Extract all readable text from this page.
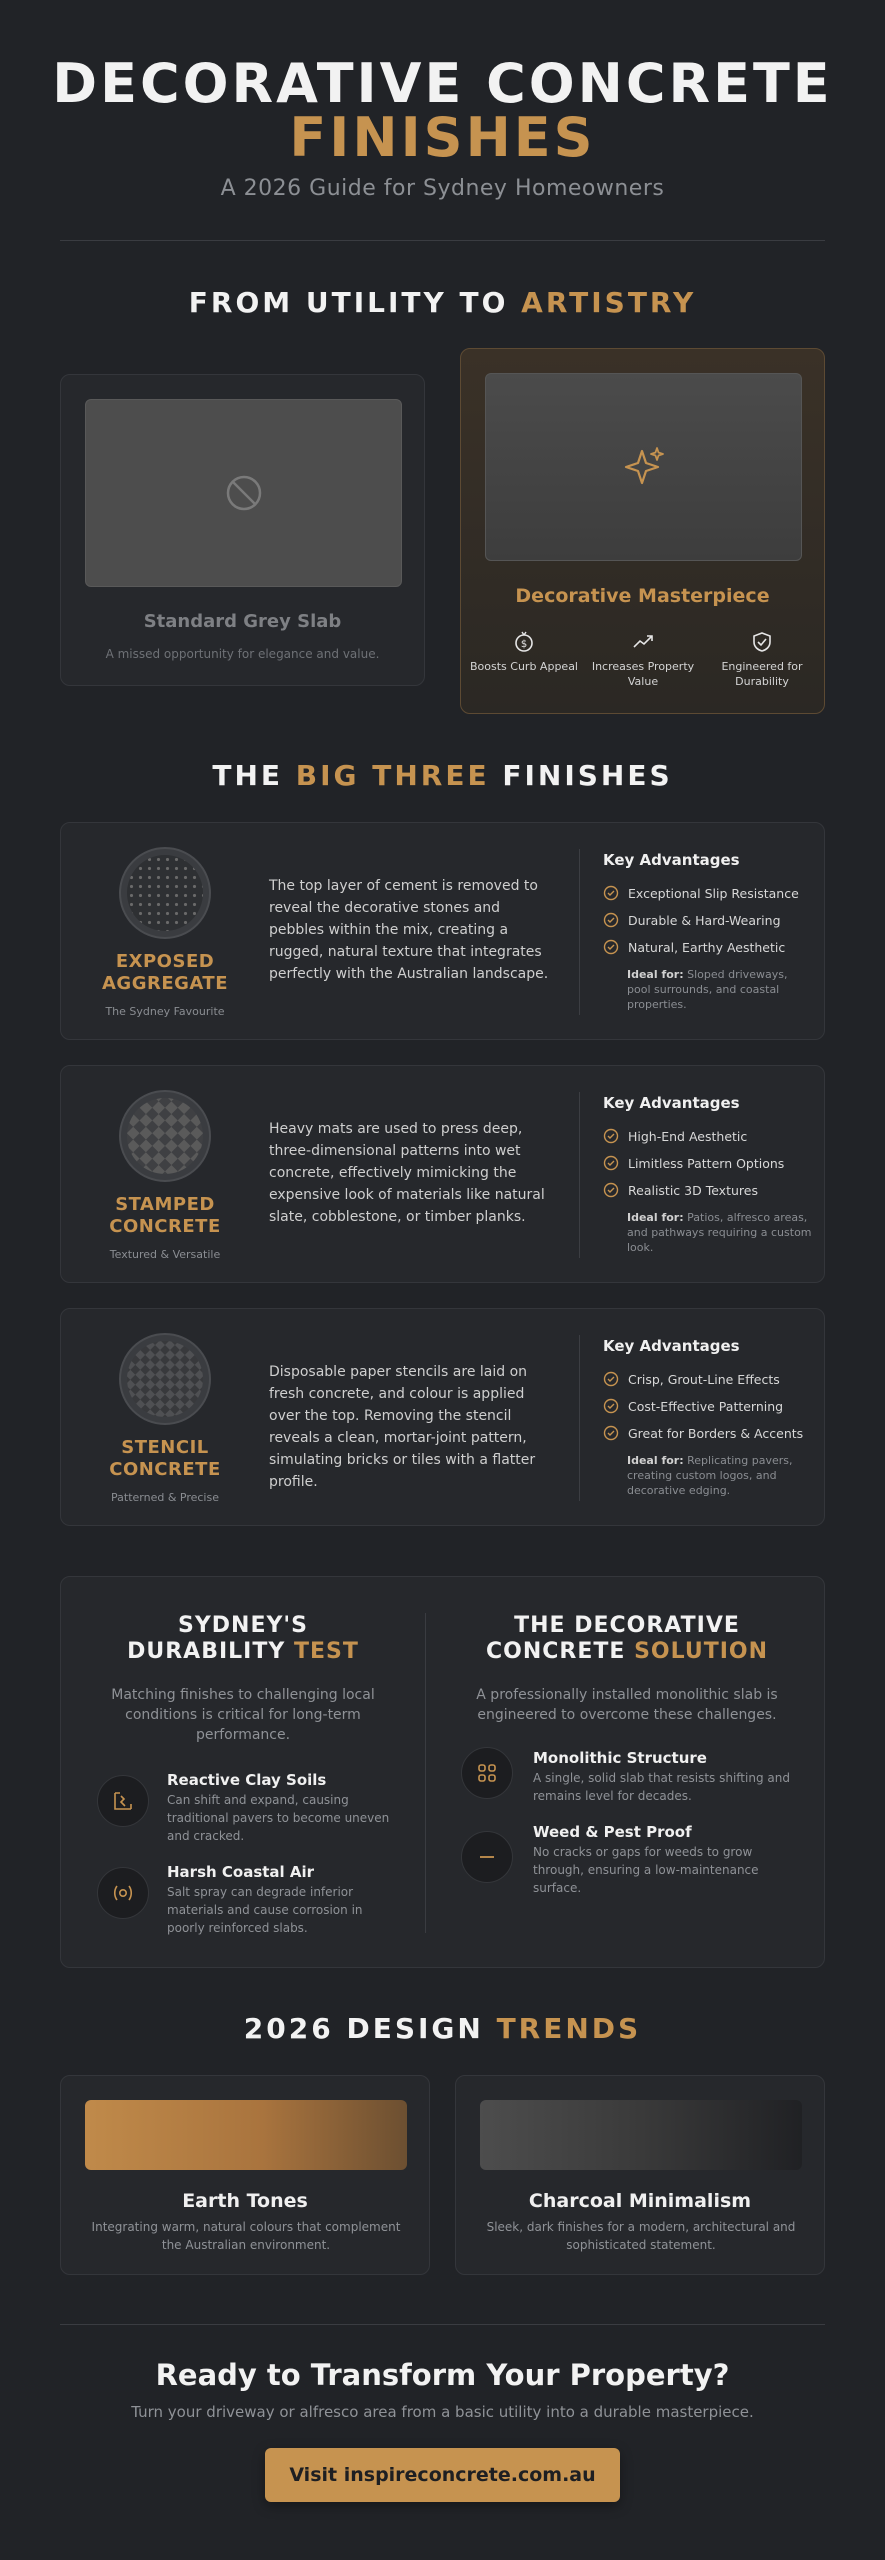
DECORATIVE CONCRETE
FINISHES
A 2026 Guide for Sydney Homeowners
FROM UTILITY TO ARTISTRY
Standard Grey Slab
A missed opportunity for elegance and value.
Decorative Masterpiece
$
Boosts Curb Appeal	Increases Property Value
Engineered for Durability
THE BIG THREE FINISHES
EXPOSED AGGREGATE
The Sydney Favourite
The top layer of cement is removed to reveal the decorative stones and pebbles within the mix, creating a rugged, natural texture that integrates perfectly with the Australian landscape.
Key Advantages
Exceptional Slip Resistance
Durable & Hard-Wearing
Natural, Earthy Aesthetic
Ideal for: Sloped driveways, pool surrounds, and coastal properties.
STAMPED CONCRETE
Textured & Versatile
Heavy mats are used to press deep, three-dimensional patterns into wet concrete, effectively mimicking the expensive look of materials like natural slate, cobblestone, or timber planks.
Key Advantages
High-End Aesthetic
Limitless Pattern Options
Realistic 3D Textures
Ideal for: Patios, alfresco areas, and pathways requiring a custom look.
STENCIL CONCRETE
Patterned & Precise
Disposable paper stencils are laid on fresh concrete, and colour is applied over the top. Removing the stencil reveals a clean, mortar-joint pattern, simulating bricks or tiles with a flatter profile.
Key Advantages
Crisp, Grout-Line Effects
Cost-Effective Patterning
Great for Borders & Accents
Ideal for: Replicating pavers, creating custom logos, and decorative edging.
SYDNEY'S
DURABILITY TEST
Matching finishes to challenging local conditions is critical for long-term performance.
Reactive Clay Soils
Can shift and expand, causing traditional pavers to become uneven and cracked.
Harsh Coastal Air
Salt spray can degrade inferior materials and cause corrosion in poorly reinforced slabs.
THE DECORATIVE
CONCRETE SOLUTION
A professionally installed monolithic slab is engineered to overcome these challenges.
Monolithic Structure
A single, solid slab that resists shifting and remains level for decades.
Weed & Pest Proof
No cracks or gaps for weeds to grow through, ensuring a low-maintenance surface.
2026 DESIGN TRENDS
Earth Tones
Integrating warm, natural colours that complement the Australian environment.
Charcoal Minimalism
Sleek, dark finishes for a modern, architectural and sophisticated statement.
Ready to Transform Your Property?
Turn your driveway or alfresco area from a basic utility into a durable masterpiece.
Visit inspireconcrete.com.au
